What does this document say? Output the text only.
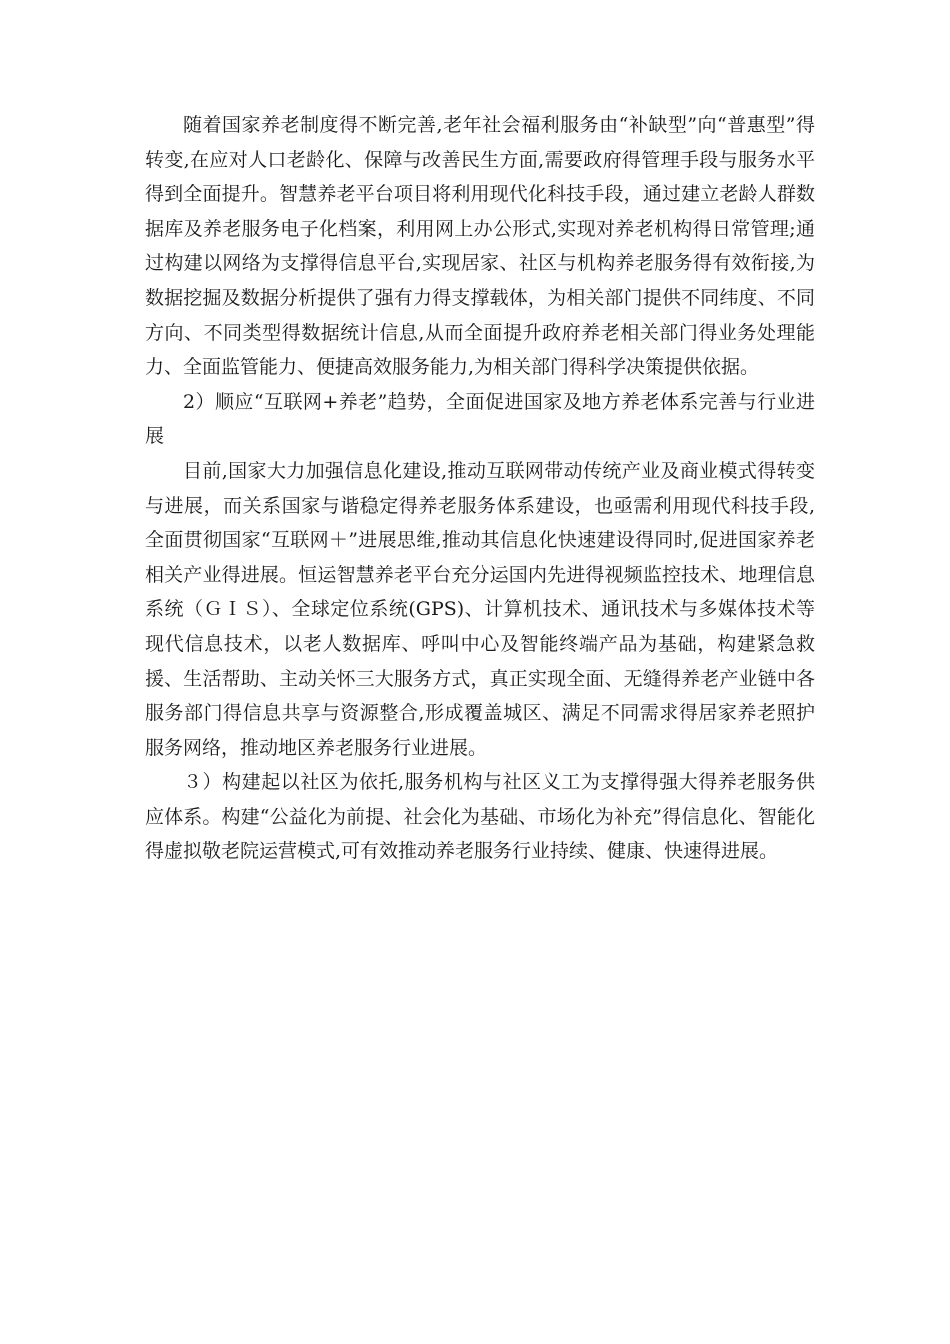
随着国家养老制度得不断完善,老年社会福利服务由“补缺型”向“普惠型”得转变,在应对人口老龄化、保障与改善民生方面,需要政府得管理手段与服务水平得到全面提升。智慧养老平台项目将利用现代化科技手段，通过建立老龄人群数据库及养老服务电子化档案，利用网上办公形式,实现对养老机构得日常管理;通过构建以网络为支撑得信息平台,实现居家、社区与机构养老服务得有效衔接,为数据挖掘及数据分析提供了强有力得支撑载体，为相关部门提供不同纬度、不同方向、不同类型得数据统计信息,从而全面提升政府养老相关部门得业务处理能力、全面监管能力、便捷高效服务能力,为相关部门得科学决策提供依据。

2）顺应“互联网+养老”趋势，全面促进国家及地方养老体系完善与行业进展

目前,国家大力加强信息化建设,推动互联网带动传统产业及商业模式得转变与进展，而关系国家与谐稳定得养老服务体系建设，也亟需利用现代科技手段,全面贯彻国家“互联网＋”进展思维,推动其信息化快速建设得同时,促进国家养老相关产业得进展。恒运智慧养老平台充分运国内先进得视频监控技术、地理信息系统（ＧＩＳ）、全球定位系统(GPS)、计算机技术、通讯技术与多媒体技术等现代信息技术，以老人数据库、呼叫中心及智能终端产品为基础，构建紧急救援、生活帮助、主动关怀三大服务方式，真正实现全面、无缝得养老产业链中各服务部门得信息共享与资源整合,形成覆盖城区、满足不同需求得居家养老照护服务网络，推动地区养老服务行业进展。

３）构建起以社区为依托,服务机构与社区义工为支撑得强大得养老服务供应体系。构建“公益化为前提、社会化为基础、市场化为补充”得信息化、智能化得虚拟敬老院运营模式,可有效推动养老服务行业持续、健康、快速得进展。
